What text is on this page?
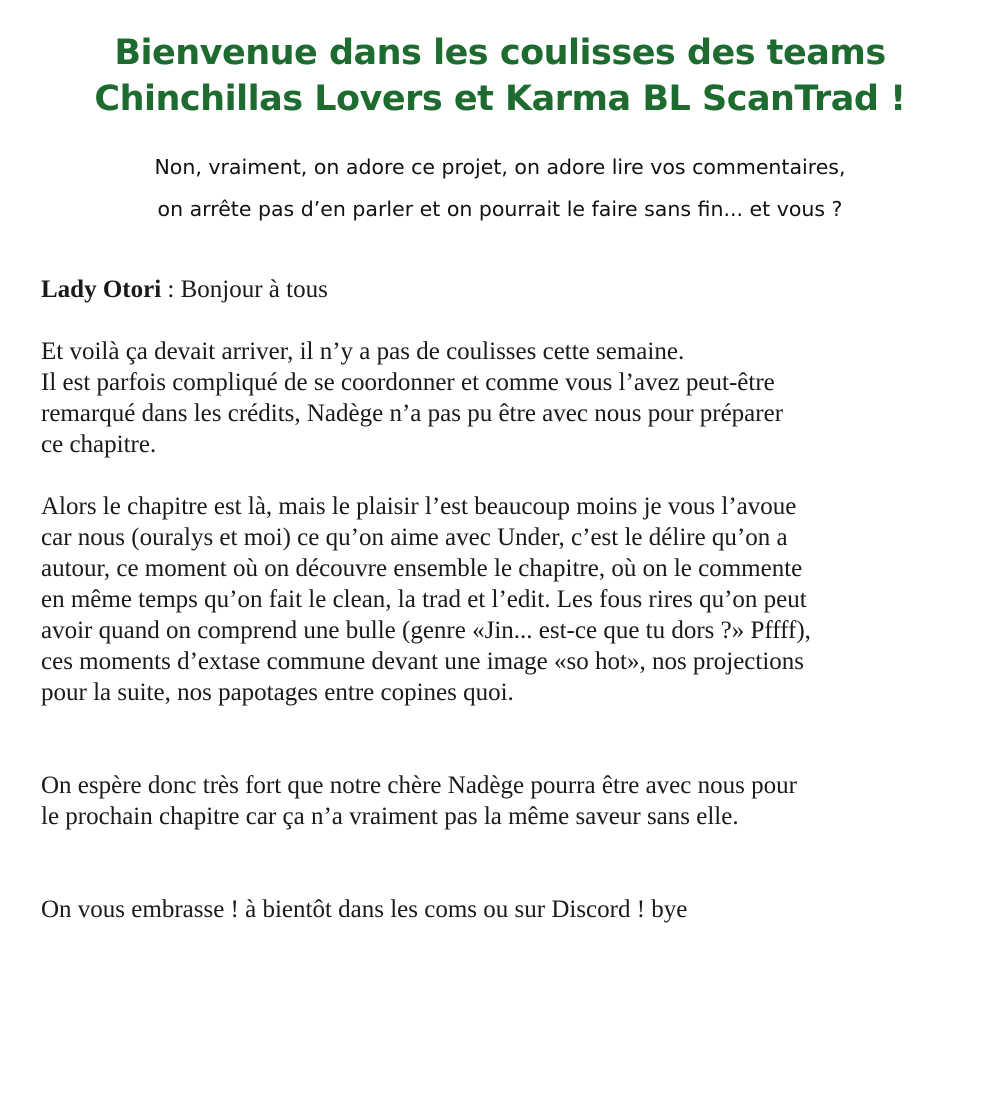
Bienvenue dans les coulisses des teams
Chinchillas Lovers et Karma BL ScanTrad !
Non, vraiment, on adore ce projet, on adore lire vos commentaires,
on arrête pas d’en parler et on pourrait le faire sans fin... et vous ?

Lady Otori : Bonjour à tous

Et voilà ça devait arriver, il n’y a pas de coulisses cette semaine.
Il est parfois compliqué de se coordonner et comme vous l’avez peut-être
remarqué dans les crédits, Nadège n’a pas pu être avec nous pour préparer
ce chapitre.

Alors le chapitre est là, mais le plaisir l’est beaucoup moins je vous l’avoue
car nous (ouralys et moi) ce qu’on aime avec Under, c’est le délire qu’on a
autour, ce moment où on découvre ensemble le chapitre, où on le commente
en même temps qu’on fait le clean, la trad et l’edit. Les fous rires qu’on peut
avoir quand on comprend une bulle (genre «Jin... est-ce que tu dors ?» Pffff),
ces moments d’extase commune devant une image «so hot», nos projections
pour la suite, nos papotages entre copines quoi.

On espère donc très fort que notre chère Nadège pourra être avec nous pour
le prochain chapitre car ça n’a vraiment pas la même saveur sans elle.

On vous embrasse ! à bientôt dans les coms ou sur Discord ! bye
